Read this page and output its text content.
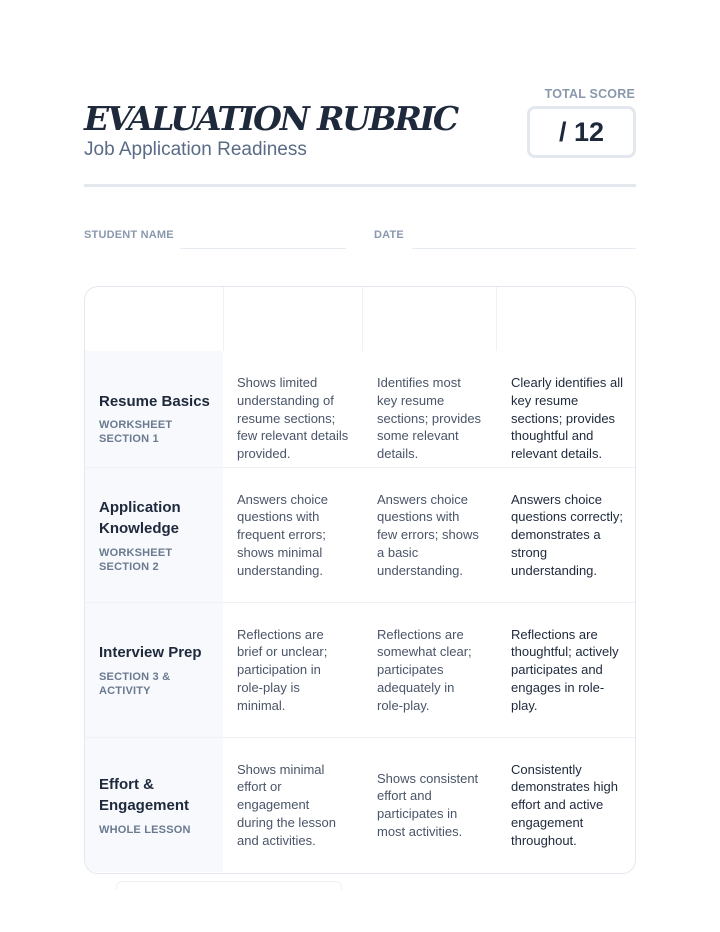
EVALUATION RUBRIC
Job Application Readiness
TOTAL SCORE
/ 12
STUDENT NAME	DATE
Resume Basics
WORKSHEET SECTION 1
Shows limited understanding of resume sections; few relevant details provided.
Identifies most key resume sections; provides some relevant details.
Clearly identifies all key resume sections; provides thoughtful and relevant details.
Application Knowledge
WORKSHEET SECTION 2
Answers choice questions with frequent errors; shows minimal understanding.
Answers choice questions with few errors; shows a basic understanding.
Answers choice questions correctly; demonstrates a strong understanding.
Interview Prep
SECTION 3 & ACTIVITY
Reflections are brief or unclear; participation in role-play is minimal.
Reflections are somewhat clear; participates adequately in role-play.
Reflections are thoughtful; actively participates and engages in role-play.
Effort & Engagement
WHOLE LESSON
Shows minimal effort or engagement during the lesson and activities.
Shows consistent effort and participates in most activities.
Consistently demonstrates high effort and active engagement throughout.
